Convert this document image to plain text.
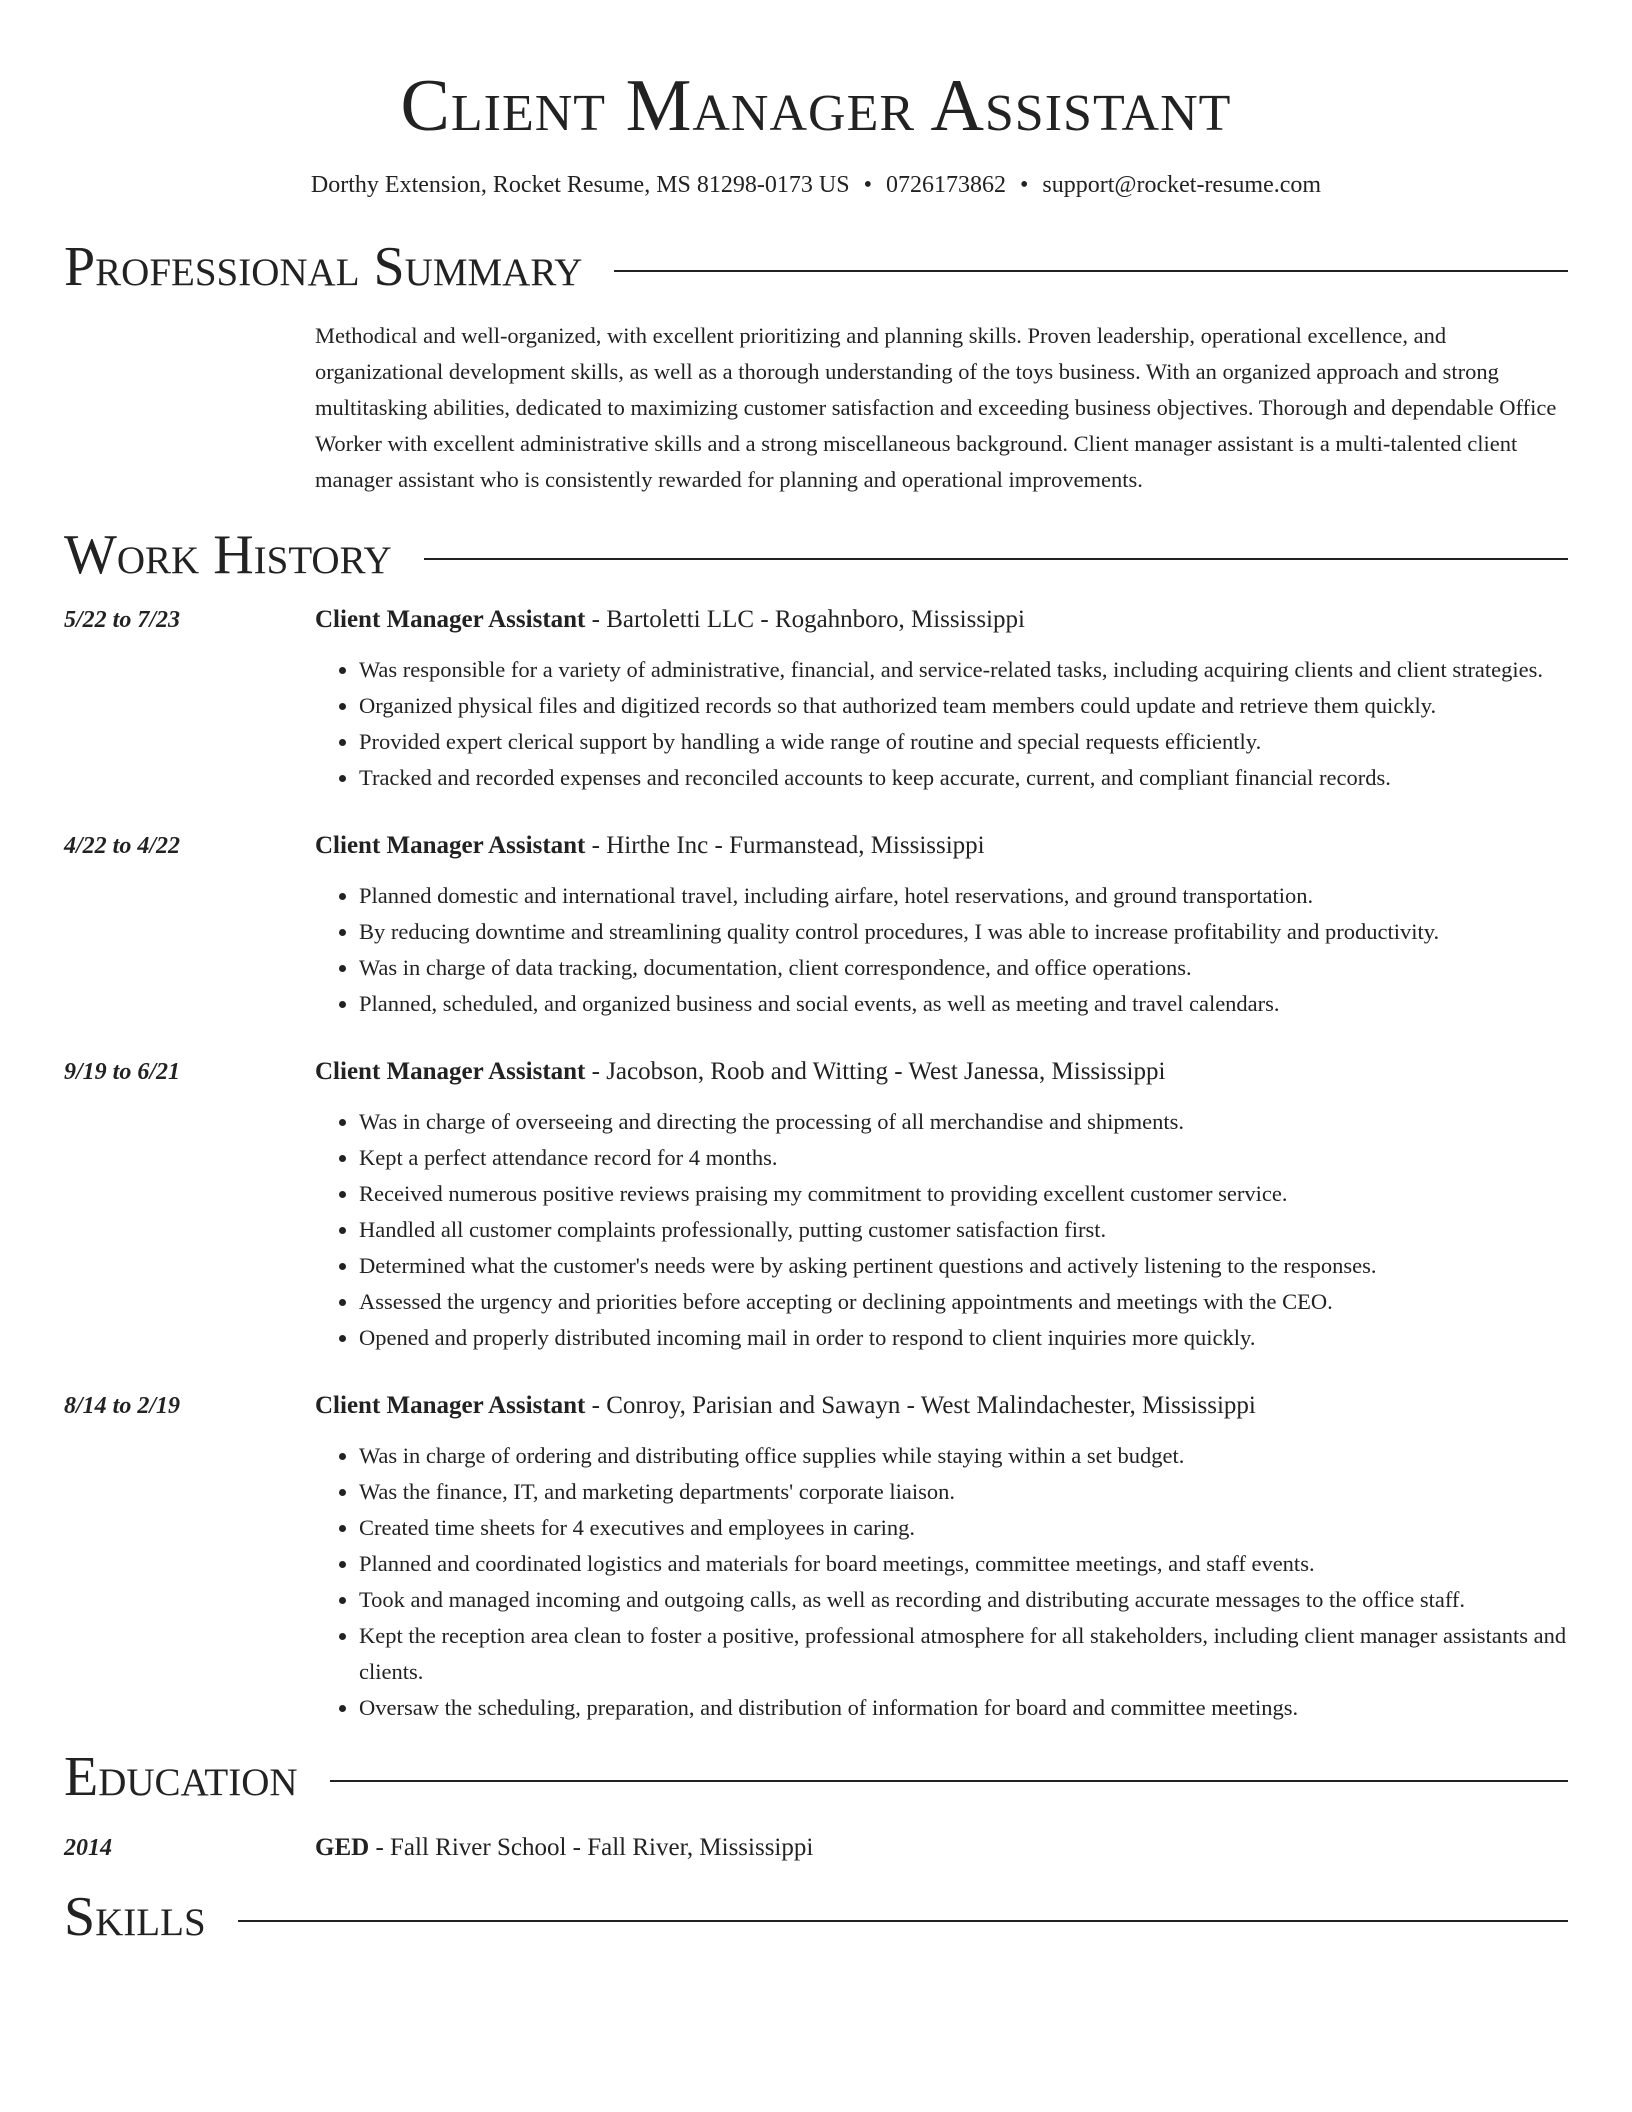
Client Manager Assistant
Dorthy Extension, Rocket Resume, MS 81298-0173 US • 0726173862 • support@rocket-resume.com
Professional Summary
Methodical and well-organized, with excellent prioritizing and planning skills. Proven leadership, operational excellence, and organizational development skills, as well as a thorough understanding of the toys business. With an organized approach and strong multitasking abilities, dedicated to maximizing customer satisfaction and exceeding business objectives. Thorough and dependable Office Worker with excellent administrative skills and a strong miscellaneous background. Client manager assistant is a multi-talented client manager assistant who is consistently rewarded for planning and operational improvements.
Work History
5/22 to 7/23	Client Manager Assistant - Bartoletti LLC - Rogahnboro, Mississippi
• Was responsible for a variety of administrative, financial, and service-related tasks, including acquiring clients and client strategies.
• Organized physical files and digitized records so that authorized team members could update and retrieve them quickly.
• Provided expert clerical support by handling a wide range of routine and special requests efficiently.
• Tracked and recorded expenses and reconciled accounts to keep accurate, current, and compliant financial records.
4/22 to 4/22	Client Manager Assistant - Hirthe Inc - Furmanstead, Mississippi
• Planned domestic and international travel, including airfare, hotel reservations, and ground transportation.
• By reducing downtime and streamlining quality control procedures, I was able to increase profitability and productivity.
• Was in charge of data tracking, documentation, client correspondence, and office operations.
• Planned, scheduled, and organized business and social events, as well as meeting and travel calendars.
9/19 to 6/21	Client Manager Assistant - Jacobson, Roob and Witting - West Janessa, Mississippi
• Was in charge of overseeing and directing the processing of all merchandise and shipments.
• Kept a perfect attendance record for 4 months.
• Received numerous positive reviews praising my commitment to providing excellent customer service.
• Handled all customer complaints professionally, putting customer satisfaction first.
• Determined what the customer's needs were by asking pertinent questions and actively listening to the responses.
• Assessed the urgency and priorities before accepting or declining appointments and meetings with the CEO.
• Opened and properly distributed incoming mail in order to respond to client inquiries more quickly.
8/14 to 2/19	Client Manager Assistant - Conroy, Parisian and Sawayn - West Malindachester, Mississippi
• Was in charge of ordering and distributing office supplies while staying within a set budget.
• Was the finance, IT, and marketing departments' corporate liaison.
• Created time sheets for 4 executives and employees in caring.
• Planned and coordinated logistics and materials for board meetings, committee meetings, and staff events.
• Took and managed incoming and outgoing calls, as well as recording and distributing accurate messages to the office staff.
• Kept the reception area clean to foster a positive, professional atmosphere for all stakeholders, including client manager assistants and clients.
• Oversaw the scheduling, preparation, and distribution of information for board and committee meetings.
Education
2014	GED - Fall River School - Fall River, Mississippi
Skills
